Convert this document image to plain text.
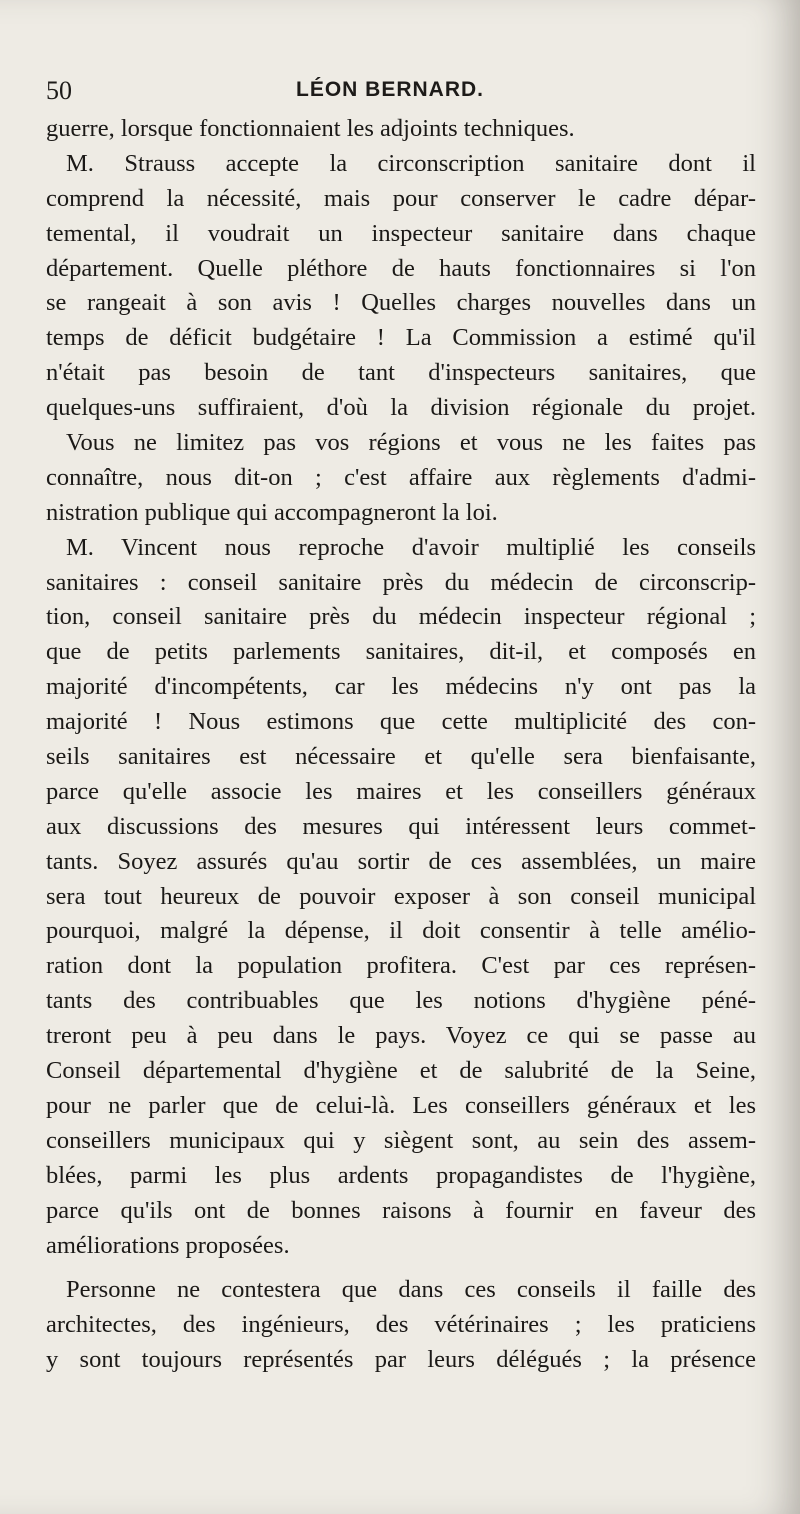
50	LÉON BERNARD.
guerre, lorsque fonctionnaient les adjoints techniques.
M. Strauss accepte la circonscription sanitaire dont il
comprend la nécessité, mais pour conserver le cadre dépar-
temental, il voudrait un inspecteur sanitaire dans chaque
département. Quelle pléthore de hauts fonctionnaires si l'on
se rangeait à son avis ! Quelles charges nouvelles dans un
temps de déficit budgétaire ! La Commission a estimé qu'il
n'était pas besoin de tant d'inspecteurs sanitaires, que
quelques-uns suffiraient, d'où la division régionale du projet.
Vous ne limitez pas vos régions et vous ne les faites pas
connaître, nous dit-on ; c'est affaire aux règlements d'admi-
nistration publique qui accompagneront la loi.
M. Vincent nous reproche d'avoir multiplié les conseils
sanitaires : conseil sanitaire près du médecin de circonscrip-
tion, conseil sanitaire près du médecin inspecteur régional ;
que de petits parlements sanitaires, dit-il, et composés en
majorité d'incompétents, car les médecins n'y ont pas la
majorité ! Nous estimons que cette multiplicité des con-
seils sanitaires est nécessaire et qu'elle sera bienfaisante,
parce qu'elle associe les maires et les conseillers généraux
aux discussions des mesures qui intéressent leurs commet-
tants. Soyez assurés qu'au sortir de ces assemblées, un maire
sera tout heureux de pouvoir exposer à son conseil municipal
pourquoi, malgré la dépense, il doit consentir à telle amélio-
ration dont la population profitera. C'est par ces représen-
tants des contribuables que les notions d'hygiène péné-
treront peu à peu dans le pays. Voyez ce qui se passe au
Conseil départemental d'hygiène et de salubrité de la Seine,
pour ne parler que de celui-là. Les conseillers généraux et les
conseillers municipaux qui y siègent sont, au sein des assem-
blées, parmi les plus ardents propagandistes de l'hygiène,
parce qu'ils ont de bonnes raisons à fournir en faveur des
améliorations proposées.
Personne ne contestera que dans ces conseils il faille des
architectes, des ingénieurs, des vétérinaires ; les praticiens
y sont toujours représentés par leurs délégués ; la présence
